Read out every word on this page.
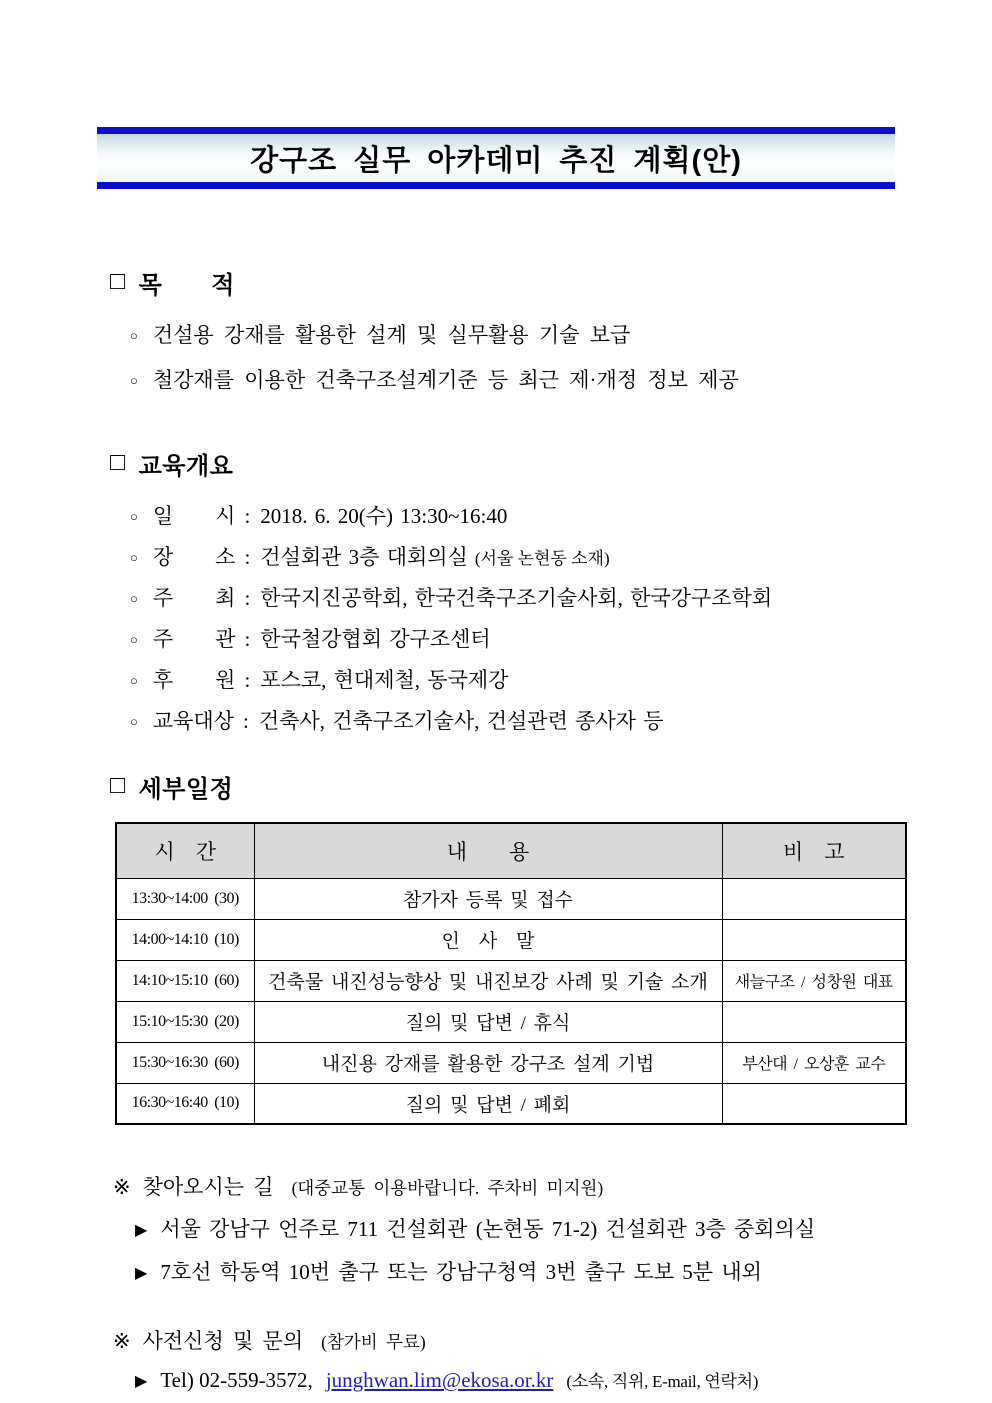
강구조 실무 아카데미 추진 계획(안)
□ 목　　적
○ 건설용 강재를 활용한 설계 및 실무활용 기술 보급
○ 철강재를 이용한 건축구조설계기준 등 최근 제·개정 정보 제공
□ 교육개요
○ 일　　시 : 2018. 6. 20(수) 13:30~16:40
○ 장　　소 : 건설회관 3층 대회의실 (서울 논현동 소재)
○ 주　　최 : 한국지진공학회, 한국건축구조기술사회, 한국강구조학회
○ 주　　관 : 한국철강협회 강구조센터
○ 후　　원 : 포스코, 현대제철, 동국제강
○ 교육대상 : 건축사, 건축구조기술사, 건설관련 종사자 등
□ 세부일정
시　간	내　　용	비　고
13:30~14:00 (30)	참가자 등록 및 접수	
14:00~14:10 (10)	인　사　말	
14:10~15:10 (60)	건축물 내진성능향상 및 내진보강 사례 및 기술 소개	새늘구조 / 성창원 대표
15:10~15:30 (20)	질의 및 답변 / 휴식	
15:30~16:30 (60)	내진용 강재를 활용한 강구조 설계 기법	부산대 / 오상훈 교수
16:30~16:40 (10)	질의 및 답변 / 폐회	
※ 찾아오시는 길 (대중교통 이용바랍니다. 주차비 미지원)
▶ 서울 강남구 언주로 711 건설회관 (논현동 71-2) 건설회관 3층 중회의실
▶ 7호선 학동역 10번 출구 또는 강남구청역 3번 출구 도보 5분 내외
※ 사전신청 및 문의 (참가비 무료)
▶ Tel) 02-559-3572, junghwan.lim@ekosa.or.kr (소속, 직위, E-mail, 연락처)
